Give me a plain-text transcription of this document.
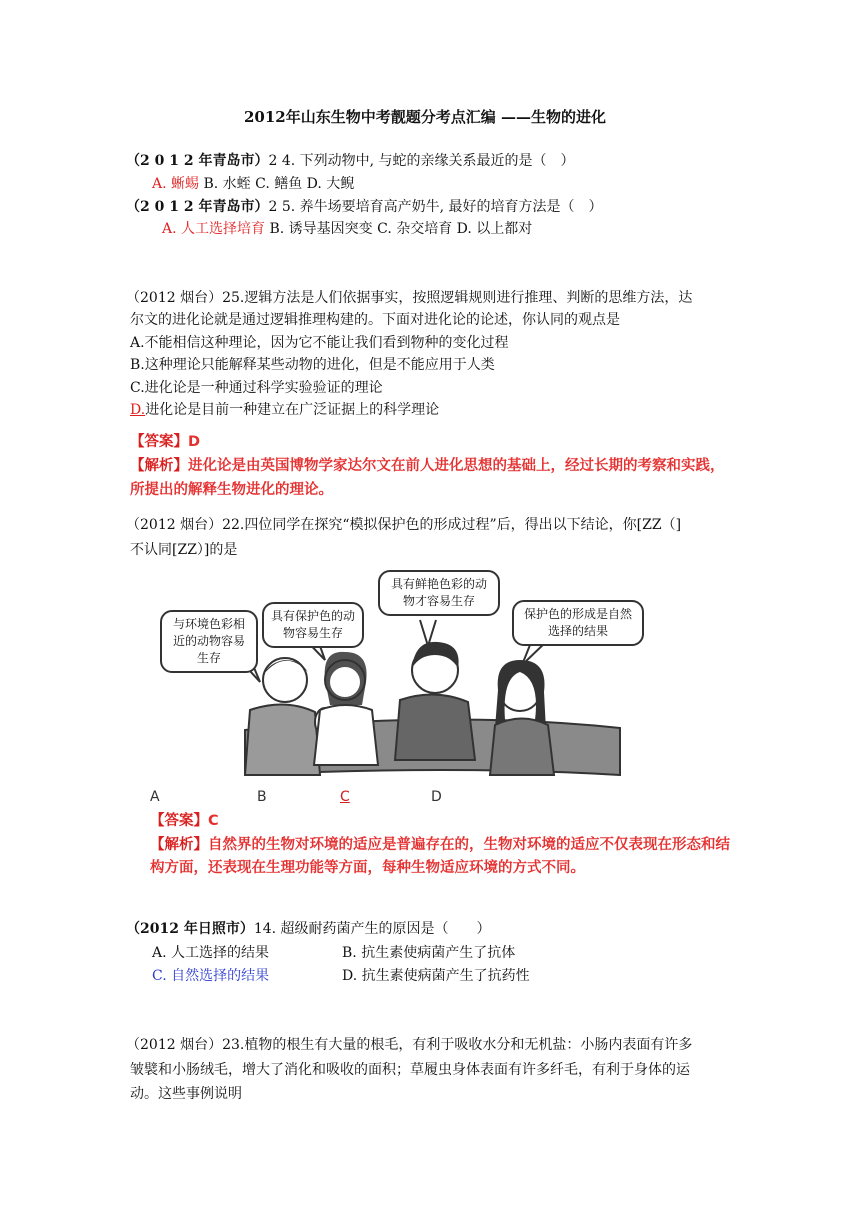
2012年山东生物中考靓题分考点汇编 ——生物的进化
（2 0 1 2 年青岛市）2 4. 下列动物中, 与蛇的亲缘关系最近的是（　）
A. 蜥蜴 B. 水蛭 C. 鳝鱼 D. 大鲵
（2 0 1 2 年青岛市）2 5. 养牛场要培育高产奶牛, 最好的培育方法是（　）
A. 人工选择培育 B. 诱导基因突变 C. 杂交培育 D. 以上都对
（2012 烟台）25.逻辑方法是人们依据事实，按照逻辑规则进行推理、判断的思维方法，达
尔文的进化论就是通过逻辑推理构建的。下面对进化论的论述，你认同的观点是
A.不能相信这种理论，因为它不能让我们看到物种的变化过程
B.这种理论只能解释某些动物的进化，但是不能应用于人类
C.进化论是一种通过科学实验验证的理论
D.进化论是目前一种建立在广泛证据上的科学理论
【答案】D
【解析】进化论是由英国博物学家达尔文在前人进化思想的基础上，经过长期的考察和实践，
所提出的解释生物进化的理论。
（2012 烟台）22.四位同学在探究“模拟保护色的形成过程”后，得出以下结论，你[ZZ（]
不认同[ZZ）]的是
与环境色彩相近的动物容易生存
具有保护色的动物容易生存
具有鲜艳色彩的动物才容易生存
保护色的形成是自然选择的结果
A	B	C	D
【答案】C
【解析】自然界的生物对环境的适应是普遍存在的，生物对环境的适应不仅表现在形态和结
构方面，还表现在生理功能等方面，每种生物适应环境的方式不同。
（2012 年日照市）14. 超级耐药菌产生的原因是（　　）
A. 人工选择的结果	B. 抗生素使病菌产生了抗体
C. 自然选择的结果	D. 抗生素使病菌产生了抗药性
（2012 烟台）23.植物的根生有大量的根毛，有利于吸收水分和无机盐：小肠内表面有许多
皱襞和小肠绒毛，增大了消化和吸收的面积；草履虫身体表面有许多纤毛，有利于身体的运
动。这些事例说明
